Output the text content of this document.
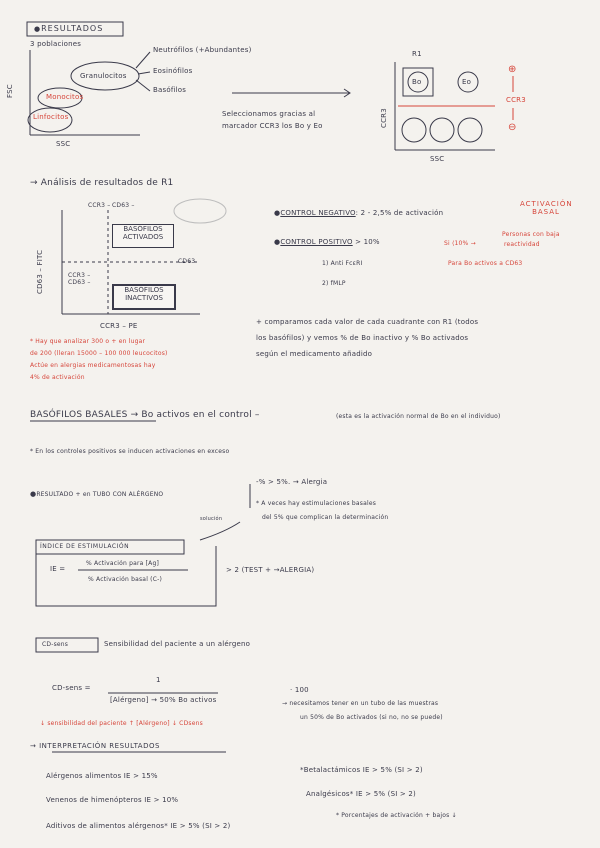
● RESULTADOS
3 poblaciones
Granulocitos
Monocitos
Linfocitos
FSC
SSC
Neutrófilos (+Abundantes)
Eosinófilos
Basófilos
Seleccionamos gracias al
marcador CCR3 los Bo y Eo
R1
Bo	Eo
CCR3
SSC
⊕
CCR3
⊖
→ Análisis de resultados de R1
CCR3 – CD63 –
BASÓFILOS ACTIVADOS
CD63
CCR3 – CD63 –
BASÓFILOS INACTIVOS
CD63 – FITC
CCR3 – PE
● CONTROL NEGATIVO: 2 - 2,5% de activación
ACTIVACIÓN BASAL
● CONTROL POSITIVO > 10%	Si ⟨10% →
Personas con baja
reactividad
Para Bo activos a CD63
1) Anti FcεRI
2) fMLP
* Hay que analizar 300 o + en lugar
de 200 (lleran 15000 – 100 000 leucocitos)
Actúe en alergias medicamentosas hay
4% de activación
+ comparamos cada valor de cada cuadrante con R1 (todos
los basófilos) y vemos % de Bo inactivo y % Bo activados
según el medicamento añadido
BASÓFILOS BASALES → Bo activos en el control –	(esta es la activación normal de Bo en el individuo)
* En los controles positivos se inducen activaciones en exceso
● RESULTADO + en TUBO CON ALÉRGENO
-% > 5%. → Alergia
* A veces hay estimulaciones basales
del 5% que complican la determinación
solución
ÍNDICE DE ESTIMULACIÓN
IE =
% Activación para [Ag]
% Activación basal (C-)
> 2 (TEST + →ALERGIA)
CD-sens	Sensibilidad del paciente a un alérgeno
CD-sens =
1
[Alérgeno] → 50% Bo activos
· 100
→ necesitamos tener en un tubo de las muestras
un 50% de Bo activados (si no, no se puede)
↓ sensibilidad del paciente ↑ [Alérgeno] ↓ CDsens
→ INTERPRETACIÓN RESULTADOS
Alérgenos alimentos IE > 15%
Venenos de himenópteros IE > 10%
Aditivos de alimentos alérgenos* IE > 5% (SI > 2)
*Betalactámicos IE > 5% (SI > 2)
Analgésicos* IE > 5% (SI > 2)
* Porcentajes de activación + bajos ↓
